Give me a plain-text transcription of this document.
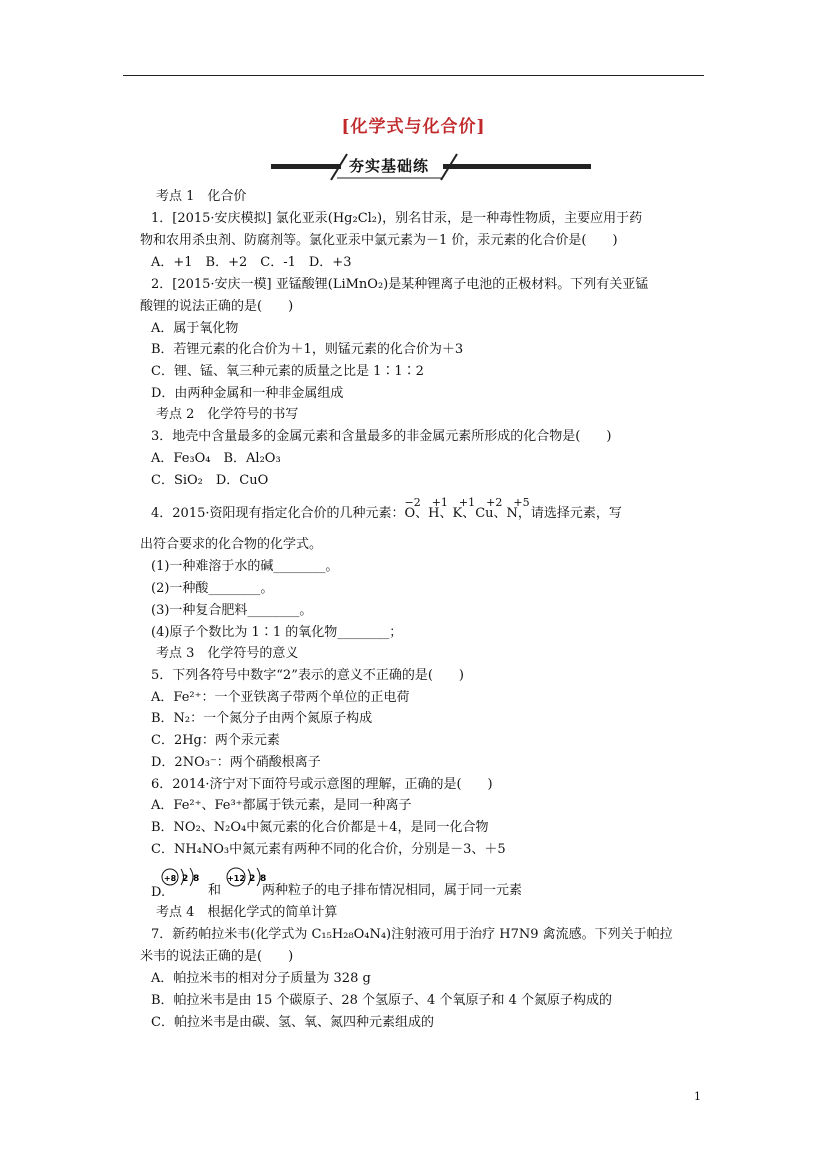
[化学式与化合价]
夯实基础练
考点 1　化合价
1．[2015·安庆模拟] 氯化亚汞(Hg₂Cl₂)，别名甘汞，是一种毒性物质，主要应用于药
物和农用杀虫剂、防腐剂等。氯化亚汞中氯元素为－1 价，汞元素的化合价是(　　)
A．+1　B．+2　C．-1　D．+3
2．[2015·安庆一模] 亚锰酸锂(LiMnO₂)是某种锂离子电池的正极材料。下列有关亚锰
酸锂的说法正确的是(　　)
A．属于氧化物
B．若锂元素的化合价为＋1，则锰元素的化合价为＋3
C．锂、锰、氧三种元素的质量之比是 1∶1∶2
D．由两种金属和一种非金属组成
考点 2　化学符号的书写
3．地壳中含量最多的金属元素和含量最多的非金属元素所形成的化合物是(　　)
A．Fe₃O₄　B．Al₂O₃
C．SiO₂　D．CuO
4．2015·资阳现有指定化合价的几种元素：
−2　+1　+1　+2　+5
O、H、K、Cu、N，请选择元素，写
出符合要求的化合物的化学式。
(1)一种难溶于水的碱________。
(2)一种酸________。
(3)一种复合肥料________。
(4)原子个数比为 1∶1 的氧化物________；
考点 3　化学符号的意义
5．下列各符号中数字“2”表示的意义不正确的是(　　)
A．Fe²⁺：一个亚铁离子带两个单位的正电荷
B．N₂：一个氮分子由两个氮原子构成
C．2Hg：两个汞元素
D．2NO₃⁻：两个硝酸根离子
6．2014·济宁对下面符号或示意图的理解，正确的是(　　)
A．Fe²⁺、Fe³⁺都属于铁元素，是同一种离子
B．NO₂、N₂O₄中氮元素的化合价都是＋4，是同一化合物
C．NH₄NO₃中氮元素有两种不同的化合价，分别是－3、＋5
+8 2 8	+12 2 8
D.	和	两种粒子的电子排布情况相同，属于同一元素
考点 4　根据化学式的简单计算
7．新药帕拉米韦(化学式为 C₁₅H₂₈O₄N₄)注射液可用于治疗 H7N9 禽流感。下列关于帕拉
米韦的说法正确的是(　　)
A．帕拉米韦的相对分子质量为 328 g
B．帕拉米韦是由 15 个碳原子、28 个氢原子、4 个氧原子和 4 个氮原子构成的
C．帕拉米韦是由碳、氢、氧、氮四种元素组成的
1
